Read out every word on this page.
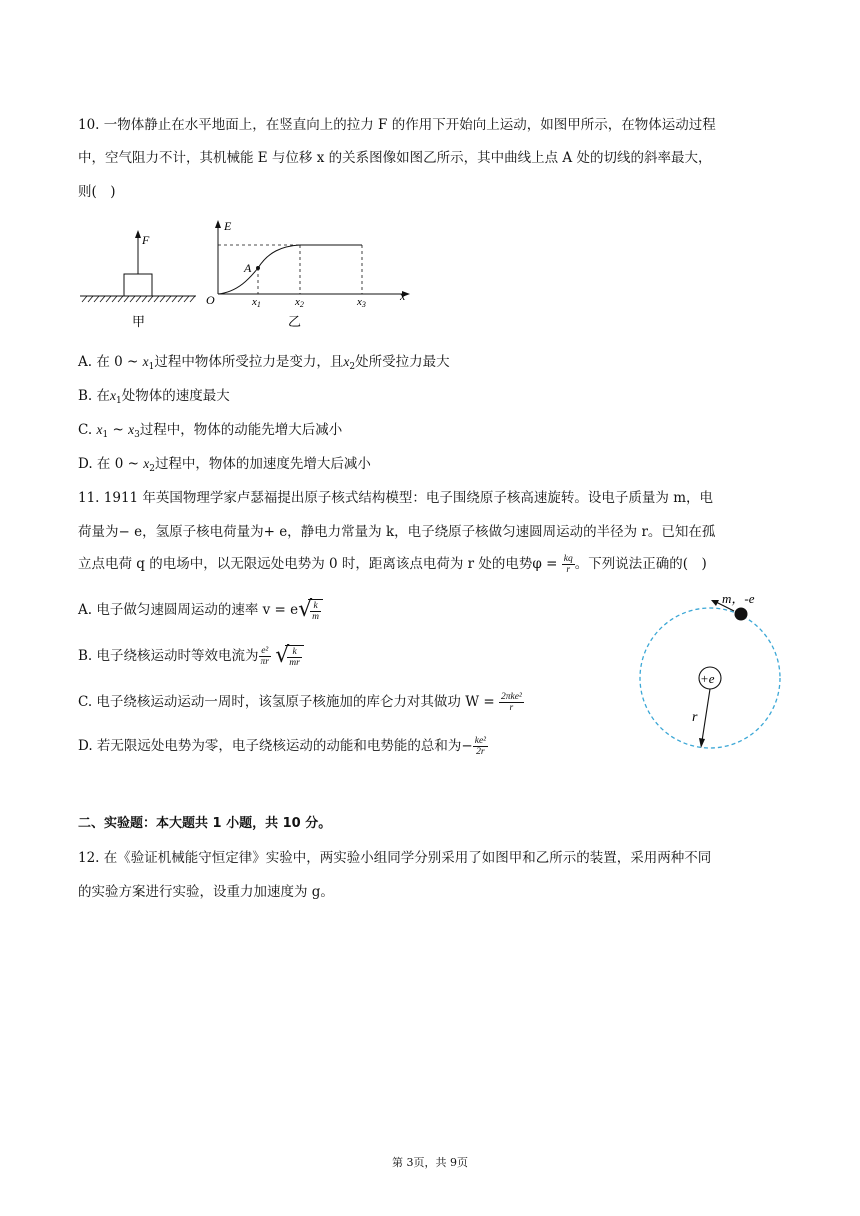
10. 一物体静止在水平地面上，在竖直向上的拉力 F 的作用下开始向上运动，如图甲所示，在物体运动过程
中，空气阻力不计，其机械能 E 与位移 x 的关系图像如图乙所示，其中曲线上点 A 处的切线的斜率最大，
则(　)
F
甲
E
O	x
A
x1	x2	x3
乙
A. 在 0 ~ $x_1$过程中物体所受拉力是变力，且$x_2$处所受拉力最大
B. 在$x_1$处物体的速度最大
C. $x_1$ ~ $x_3$过程中，物体的动能先增大后减小
D. 在 0 ~ $x_2$过程中，物体的加速度先增大后减小
11. 1911 年英国物理学家卢瑟福提出原子核式结构模型：电子围绕原子核高速旋转。设电子质量为 m，电
荷量为− e，氢原子核电荷量为+ e，静电力常量为 k，电子绕原子核做匀速圆周运动的半径为 r。已知在孤
立点电荷 q 的电场中，以无限远处电势为 0 时，距离该点电荷为 r 处的电势$\varphi = \frac{kq}{r}$ 。下列说法正确的(　)
A. 电子做匀速圆周运动的速率 v = e √
$\frac{k}{m}$
B. 电子绕核运动时等效电流为 $\frac{\text{e²}}{\pi r}$
√
$\frac{k}{mr}$
C. 电子绕核运动运动一周时，该氢原子核施加的库仑力对其做功 $W = \frac{\text{2πke²}}{r}$
D. 若无限远处电势为零，电子绕核运动的动能和电势能的总和为− $\frac{\text{ke²}}{2r}$
m，-e
+e
r
二、实验题：本大题共 1 小题，共 10 分。
12. 在《验证机械能守恒定律》实验中，两实验小组同学分别采用了如图甲和乙所示的装置，采用两种不同
的实验方案进行实验，设重力加速度为 g。
第 3页，共 9页
